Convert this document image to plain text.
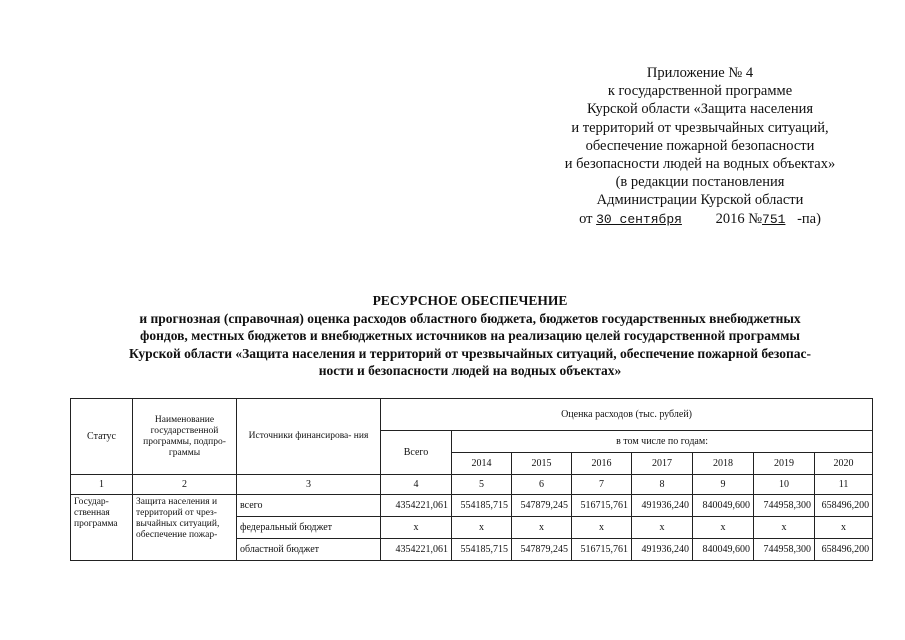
Приложение № 4
к государственной программе
Курской области «Защита населения
и территорий от чрезвычайных ситуаций,
обеспечение пожарной безопасности
и безопасности людей на водных объектах»
(в редакции постановления
Администрации Курской области
от 30 сентября 2016 №751 -па)
РЕСУРСНОЕ ОБЕСПЕЧЕНИЕ
и прогнозная (справочная) оценка расходов областного бюджета, бюджетов государственных внебюджетных
фондов, местных бюджетов и внебюджетных источников на реализацию целей государственной программы
Курской области «Защита населения и территорий от чрезвычайных ситуаций, обеспечение пожарной безопас-
ности и безопасности людей на водных объектах»
Статус	Наименование государственной программы, подпро- граммы	Источники финансирова- ния	Оценка расходов (тыс. рублей)							
			Всего	в том числе по годам:						
				2014	2015	2016	2017	2018	2019	2020
1	2	3	4	5	6	7	8	9	10	11
Государ- ственная программа	Защита населения и территорий от чрез- вычайных ситуаций, обеспечение пожар-	всего	4354221,061	554185,715	547879,245	516715,761	491936,240	840049,600	744958,300	658496,200
		федеральный бюджет	x	x	x	x	x	x	x	x
		областной бюджет	4354221,061	554185,715	547879,245	516715,761	491936,240	840049,600	744958,300	658496,200
